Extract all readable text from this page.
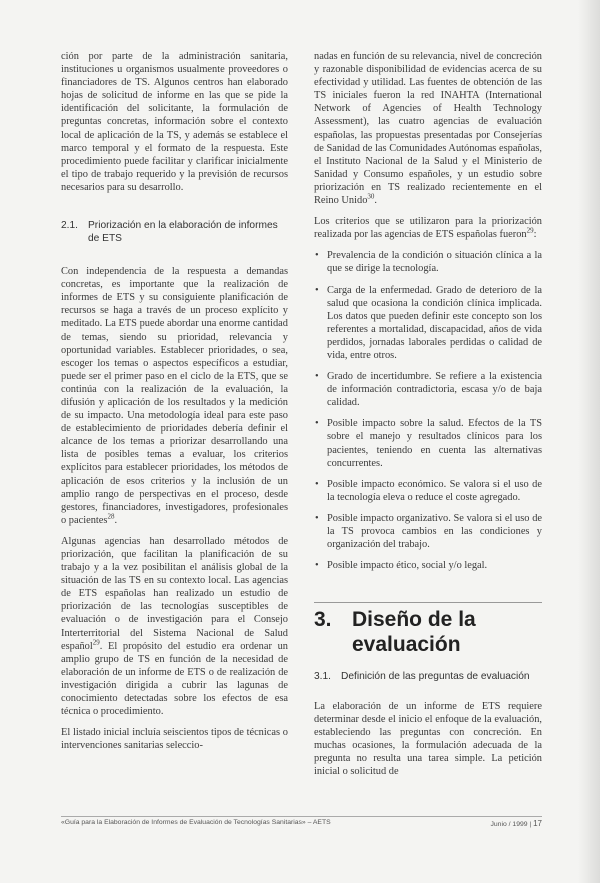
ción por parte de la administración sanitaria, instituciones u organismos usualmente proveedores o financiadores de TS. Algunos centros han elaborado hojas de solicitud de informe en las que se pide la identificación del solicitante, la formulación de preguntas concretas, información sobre el contexto local de aplicación de la TS, y además se establece el marco temporal y el formato de la respuesta. Este procedimiento puede facilitar y clarificar inicialmente el tipo de trabajo requerido y la previsión de recursos necesarios para su desarrollo.

2.1. Priorización en la elaboración de informes de ETS

Con independencia de la respuesta a demandas concretas, es importante que la realización de informes de ETS y su consiguiente planificación de recursos se haga a través de un proceso explícito y meditado. La ETS puede abordar una enorme cantidad de temas, siendo su prioridad, relevancia y oportunidad variables. Establecer prioridades, o sea, escoger los temas o aspectos específicos a estudiar, puede ser el primer paso en el ciclo de la ETS, que se continúa con la realización de la evaluación, la difusión y aplicación de los resultados y la medición de su impacto. Una metodología ideal para este paso de establecimiento de prioridades debería definir el alcance de los temas a priorizar desarrollando una lista de posibles temas a evaluar, los criterios explícitos para establecer prioridades, los métodos de aplicación de esos criterios y la inclusión de un amplio rango de perspectivas en el proceso, desde gestores, financiadores, investigadores, profesionales o pacientes$^{28}$.

Algunas agencias han desarrollado métodos de priorización, que facilitan la planificación de su trabajo y a la vez posibilitan el análisis global de la situación de las TS en su contexto local. Las agencias de ETS españolas han realizado un estudio de priorización de las tecnologías susceptibles de evaluación o de investigación para el Consejo Interterritorial del Sistema Nacional de Salud español$^{29}$. El propósito del estudio era ordenar un amplio grupo de TS en función de la necesidad de elaboración de un informe de ETS o de realización de investigación dirigida a cubrir las lagunas de conocimiento detectadas sobre los efectos de esa técnica o procedimiento.

El listado inicial incluía seiscientos tipos de técnicas o intervenciones sanitarias seleccio-

nadas en función de su relevancia, nivel de concreción y razonable disponibilidad de evidencias acerca de su efectividad y utilidad. Las fuentes de obtención de las TS iniciales fueron la red INAHTA (International Network of Agencies of Health Technology Assessment), las cuatro agencias de evaluación españolas, las propuestas presentadas por Consejerías de Sanidad de las Comunidades Autónomas españolas, el Instituto Nacional de la Salud y el Ministerio de Sanidad y Consumo españoles, y un estudio sobre priorización en TS realizado recientemente en el Reino Unido$^{30}$.

Los criterios que se utilizaron para la priorización realizada por las agencias de ETS españolas fueron$^{29}$:

• Prevalencia de la condición o situación clínica a la que se dirige la tecnología.
• Carga de la enfermedad. Grado de deterioro de la salud que ocasiona la condición clínica implicada. Los datos que pueden definir este concepto son los referentes a mortalidad, discapacidad, años de vida perdidos, jornadas laborales perdidas o calidad de vida, entre otros.
• Grado de incertidumbre. Se refiere a la existencia de información contradictoria, escasa y/o de baja calidad.
• Posible impacto sobre la salud. Efectos de la TS sobre el manejo y resultados clínicos para los pacientes, teniendo en cuenta las alternativas concurrentes.
• Posible impacto económico. Se valora si el uso de la tecnología eleva o reduce el coste agregado.
• Posible impacto organizativo. Se valora si el uso de la TS provoca cambios en las condiciones y organización del trabajo.
• Posible impacto ético, social y/o legal.
3. Diseño de la evaluación
3.1. Definición de las preguntas de evaluación

La elaboración de un informe de ETS requiere determinar desde el inicio el enfoque de la evaluación, estableciendo las preguntas con concreción. En muchas ocasiones, la formulación adecuada de la pregunta no resulta una tarea simple. La petición inicial o solicitud de

«Guía para la Elaboración de Informes de Evaluación de Tecnologías Sanitarias» – AETS	Junio / 1999 | 17
